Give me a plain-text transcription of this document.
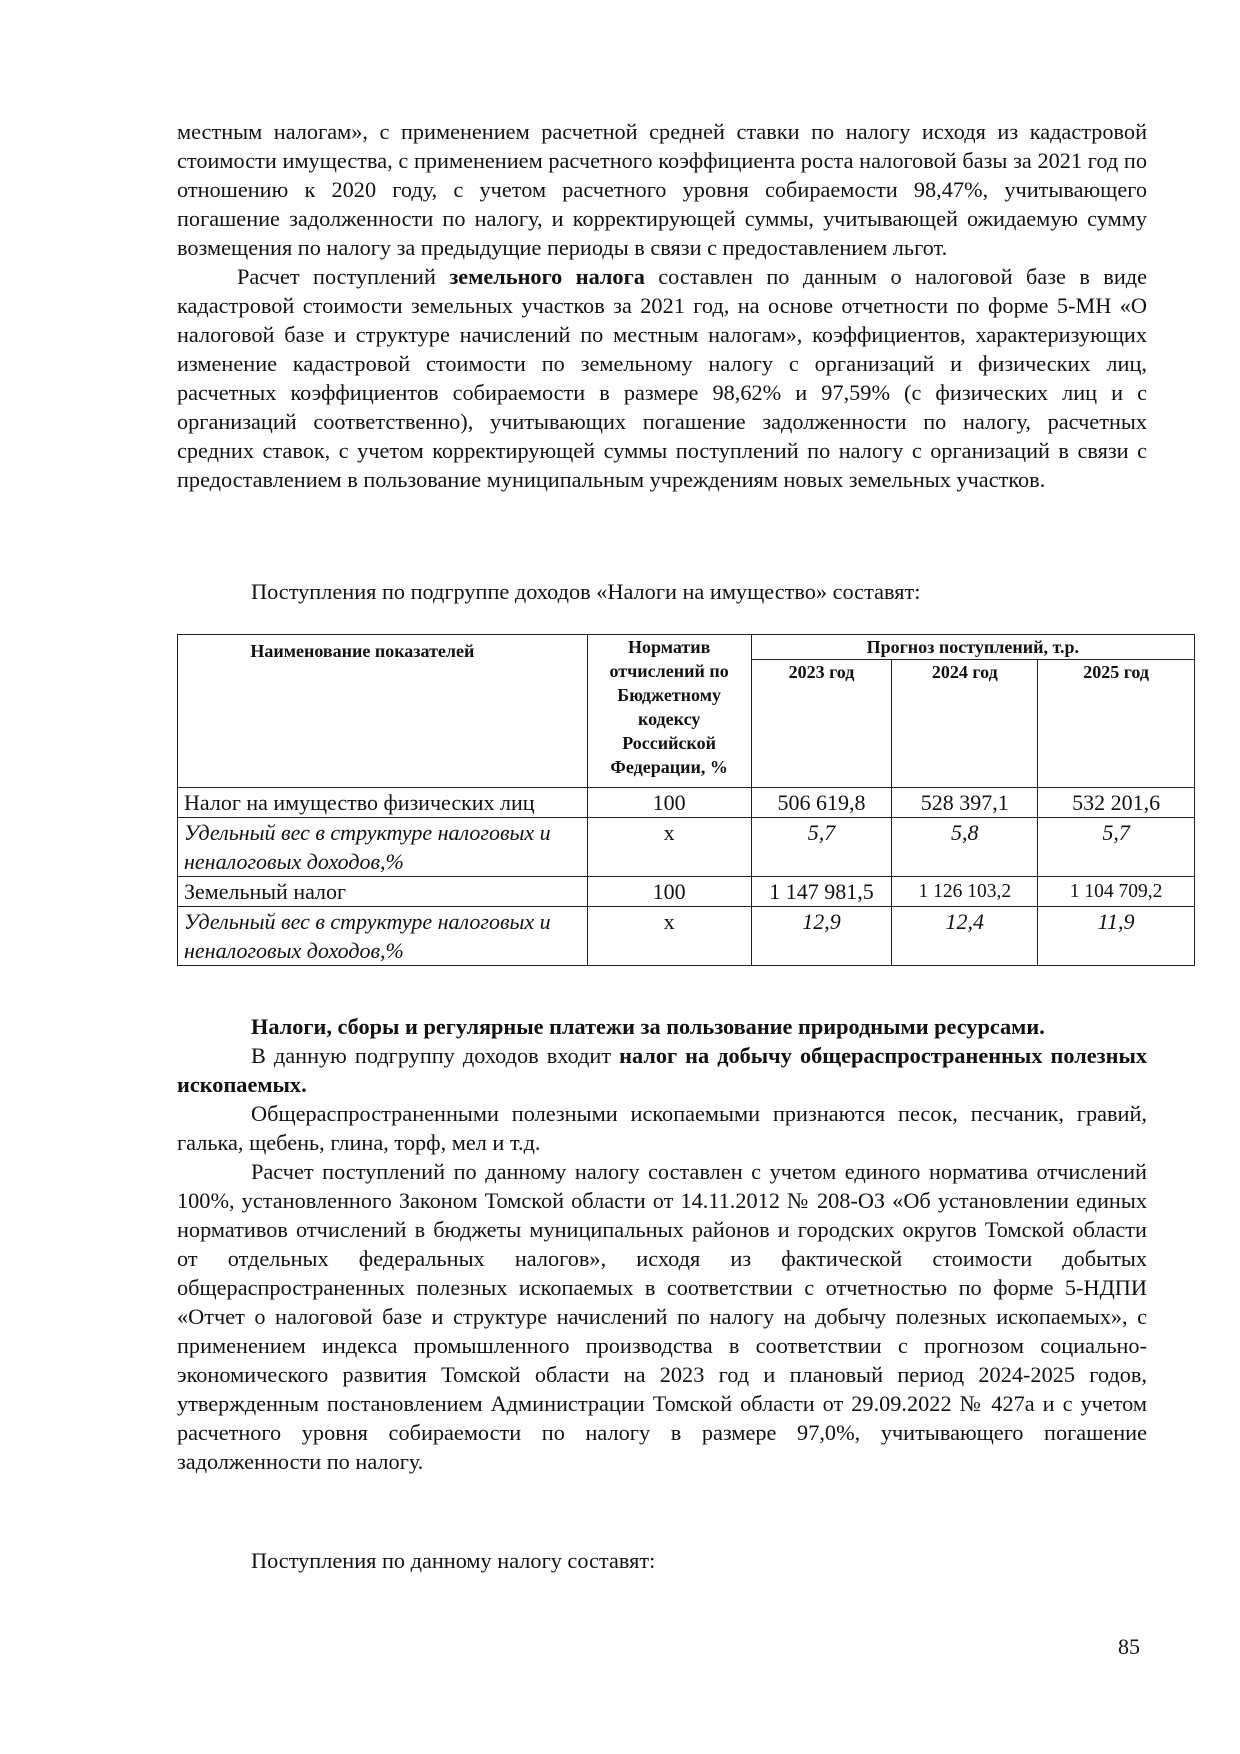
местным налогам», с применением расчетной средней ставки по налогу исходя из кадастровой стоимости имущества, с применением расчетного коэффициента роста налоговой базы за 2021 год по отношению к 2020 году, с учетом расчетного уровня собираемости 98,47%, учитывающего погашение задолженности по налогу, и корректирующей суммы, учитывающей ожидаемую сумму возмещения по налогу за предыдущие периоды в связи с предоставлением льгот.

Расчет поступлений земельного налога составлен по данным о налоговой базе в виде кадастровой стоимости земельных участков за 2021 год, на основе отчетности по форме 5-МН «О налоговой базе и структуре начислений по местным налогам», коэффициентов, характеризующих изменение кадастровой стоимости по земельному налогу с организаций и физических лиц, расчетных коэффициентов собираемости в размере 98,62% и 97,59% (с физических лиц и с организаций соответственно), учитывающих погашение задолженности по налогу, расчетных средних ставок, с учетом корректирующей суммы поступлений по налогу с организаций в связи с предоставлением в пользование муниципальным учреждениям новых земельных участков.

Поступления по подгруппе доходов «Налоги на имущество» составят:

Наименование показателей	Норматив отчислений по Бюджетному кодексу Российской Федерации, %	Прогноз поступлений, т.р.		
		2023 год	2024 год	2025 год
Налог на имущество физических лиц	100	506 619,8	528 397,1	532 201,6
Удельный вес в структуре налоговых и неналоговых доходов,%	х	5,7	5,8	5,7
Земельный налог	100	1 147 981,5	1 126 103,2	1 104 709,2
Удельный вес в структуре налоговых и неналоговых доходов,%	х	12,9	12,4	11,9

Налоги, сборы и регулярные платежи за пользование природными ресурсами.

В данную подгруппу доходов входит налог на добычу общераспространенных полезных ископаемых.

Общераспространенными полезными ископаемыми признаются песок, песчаник, гравий, галька, щебень, глина, торф, мел и т.д.

Расчет поступлений по данному налогу составлен с учетом единого норматива отчислений 100%, установленного Законом Томской области от 14.11.2012 № 208-ОЗ «Об установлении единых нормативов отчислений в бюджеты муниципальных районов и городских округов Томской области от отдельных федеральных налогов», исходя из фактической стоимости добытых общераспространенных полезных ископаемых в соответствии с отчетностью по форме 5-НДПИ «Отчет о налоговой базе и структуре начислений по налогу на добычу полезных ископаемых», с применением индекса промышленного производства в соответствии с прогнозом социально-экономического развития Томской области на 2023 год и плановый период 2024-2025 годов, утвержденным постановлением Администрации Томской области от 29.09.2022 № 427а и с учетом расчетного уровня собираемости по налогу в размере 97,0%, учитывающего погашение задолженности по налогу.

Поступления по данному налогу составят:

85
